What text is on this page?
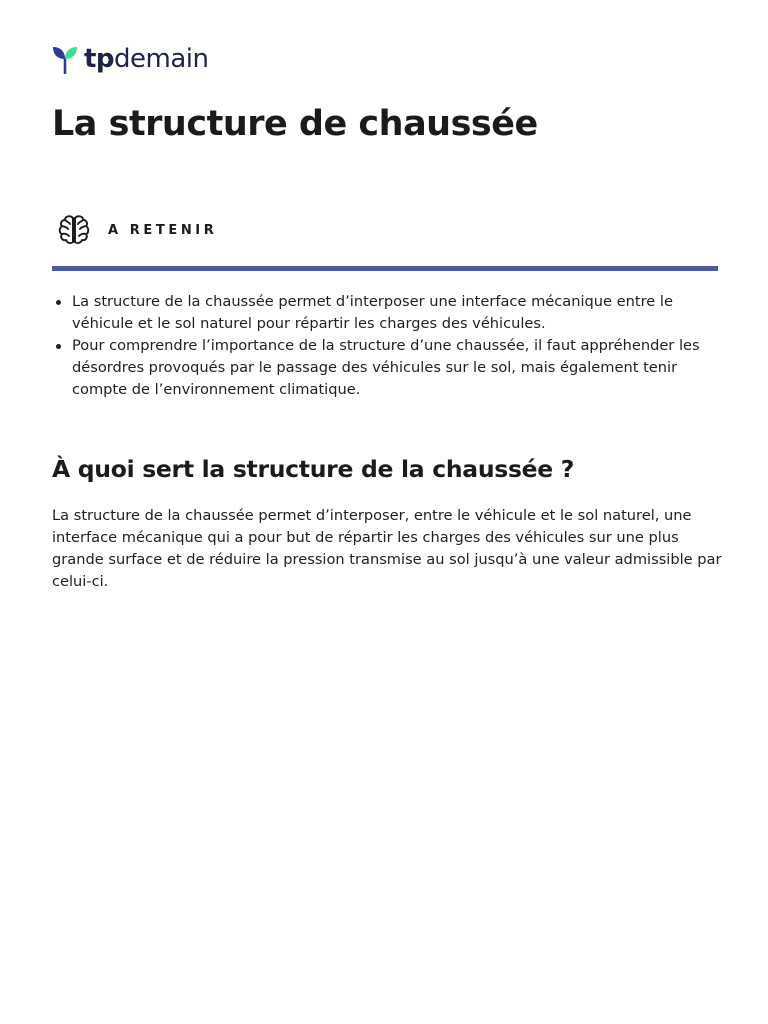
tpdemain
La structure de chaussée
A RETENIR
La structure de la chaussée permet d’interposer une interface mécanique entre le véhicule et le sol naturel pour répartir les charges des véhicules.
Pour comprendre l’importance de la structure d’une chaussée, il faut appréhender les désordres provoqués par le passage des véhicules sur le sol, mais également tenir compte de l’environnement climatique.
À quoi sert la structure de la chaussée ?

La structure de la chaussée permet d’interposer, entre le véhicule et le sol naturel, une interface mécanique qui a pour but de répartir les charges des véhicules sur une plus grande surface et de réduire la pression transmise au sol jusqu’à une valeur admissible par celui-ci.
